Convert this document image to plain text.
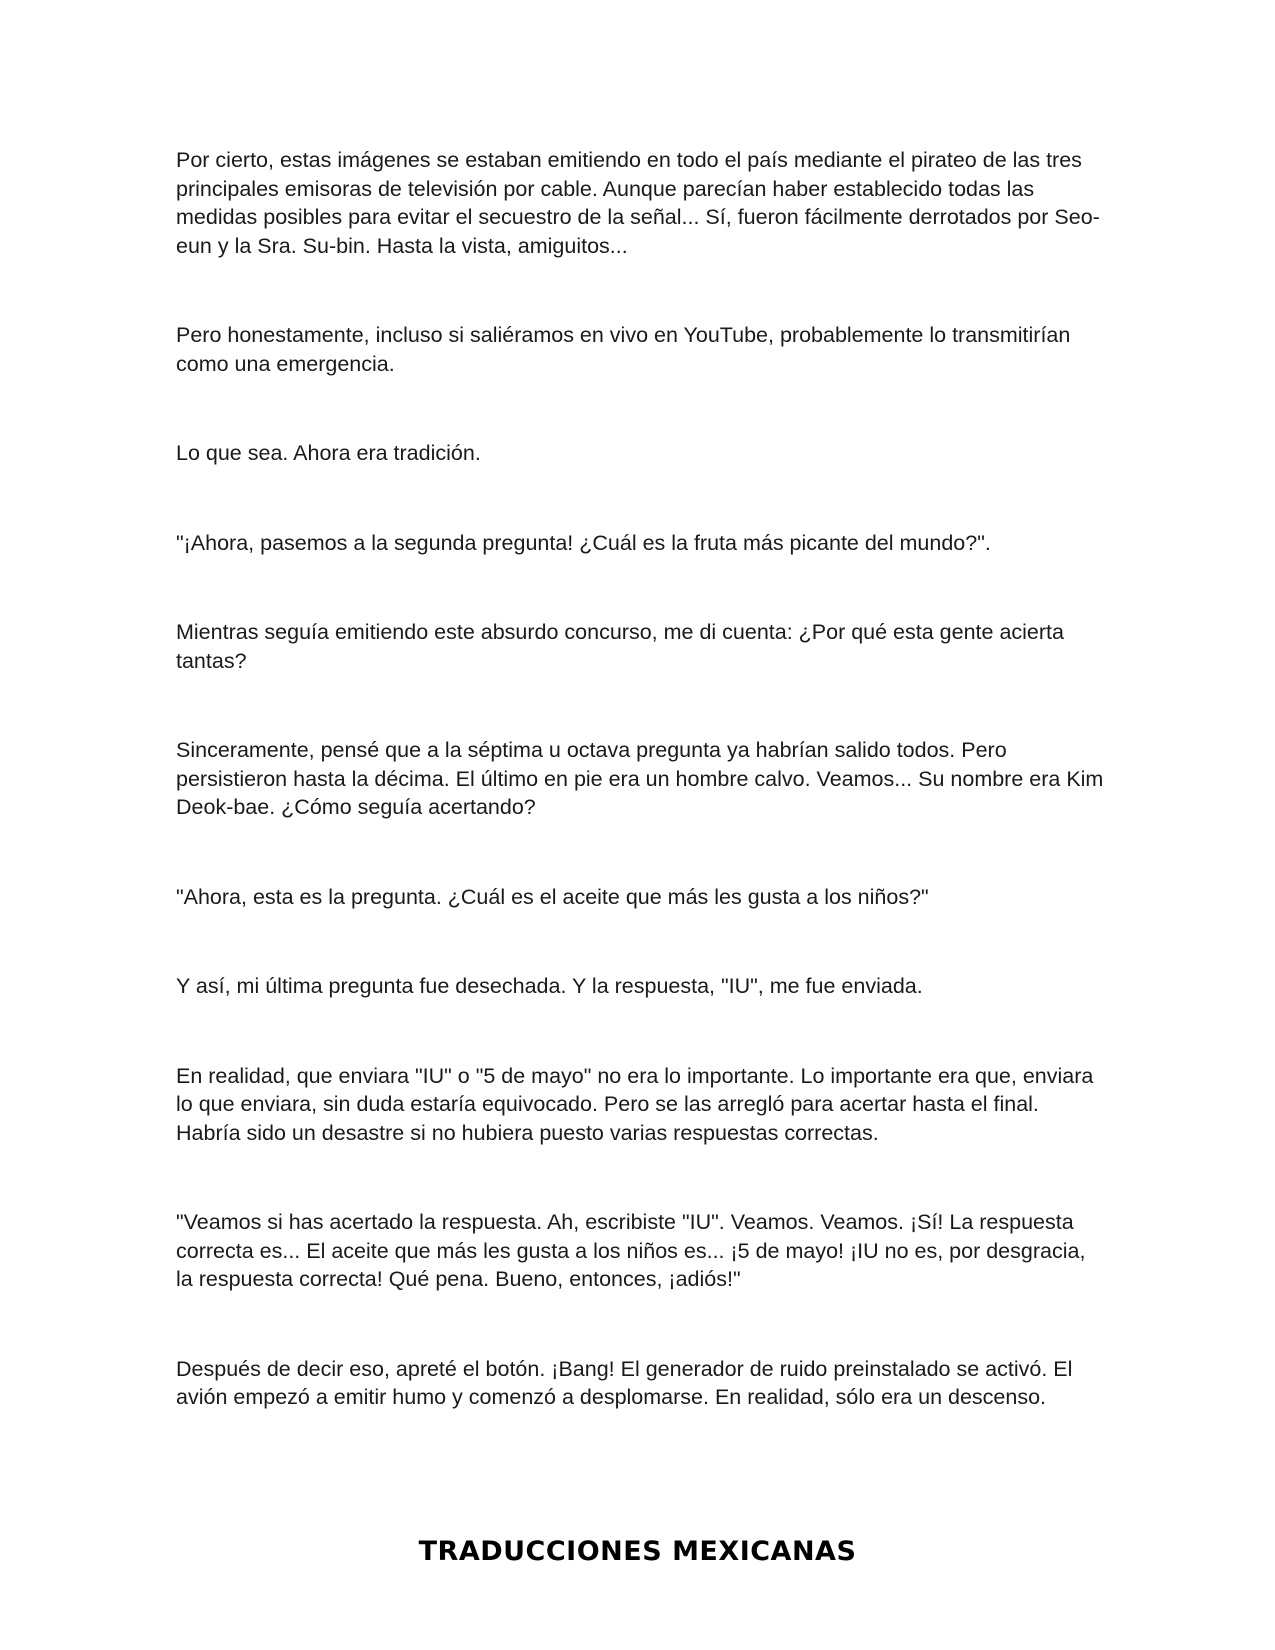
Por cierto, estas imágenes se estaban emitiendo en todo el país mediante el pirateo de las tres principales emisoras de televisión por cable. Aunque parecían haber establecido todas las medidas posibles para evitar el secuestro de la señal... Sí, fueron fácilmente derrotados por Seo-eun y la Sra. Su-bin. Hasta la vista, amiguitos...

Pero honestamente, incluso si saliéramos en vivo en YouTube, probablemente lo transmitirían como una emergencia.

Lo que sea. Ahora era tradición.

"¡Ahora, pasemos a la segunda pregunta! ¿Cuál es la fruta más picante del mundo?".

Mientras seguía emitiendo este absurdo concurso, me di cuenta: ¿Por qué esta gente acierta tantas?

Sinceramente, pensé que a la séptima u octava pregunta ya habrían salido todos. Pero persistieron hasta la décima. El último en pie era un hombre calvo. Veamos... Su nombre era Kim Deok-bae. ¿Cómo seguía acertando?

"Ahora, esta es la pregunta. ¿Cuál es el aceite que más les gusta a los niños?"

Y así, mi última pregunta fue desechada. Y la respuesta, "IU", me fue enviada.

En realidad, que enviara "IU" o "5 de mayo" no era lo importante. Lo importante era que, enviara lo que enviara, sin duda estaría equivocado. Pero se las arregló para acertar hasta el final. Habría sido un desastre si no hubiera puesto varias respuestas correctas.

"Veamos si has acertado la respuesta. Ah, escribiste "IU". Veamos. Veamos. ¡Sí! La respuesta correcta es... El aceite que más les gusta a los niños es... ¡5 de mayo! ¡IU no es, por desgracia, la respuesta correcta! Qué pena. Bueno, entonces, ¡adiós!"

Después de decir eso, apreté el botón. ¡Bang! El generador de ruido preinstalado se activó. El avión empezó a emitir humo y comenzó a desplomarse. En realidad, sólo era un descenso.

TRADUCCIONES MEXICANAS
